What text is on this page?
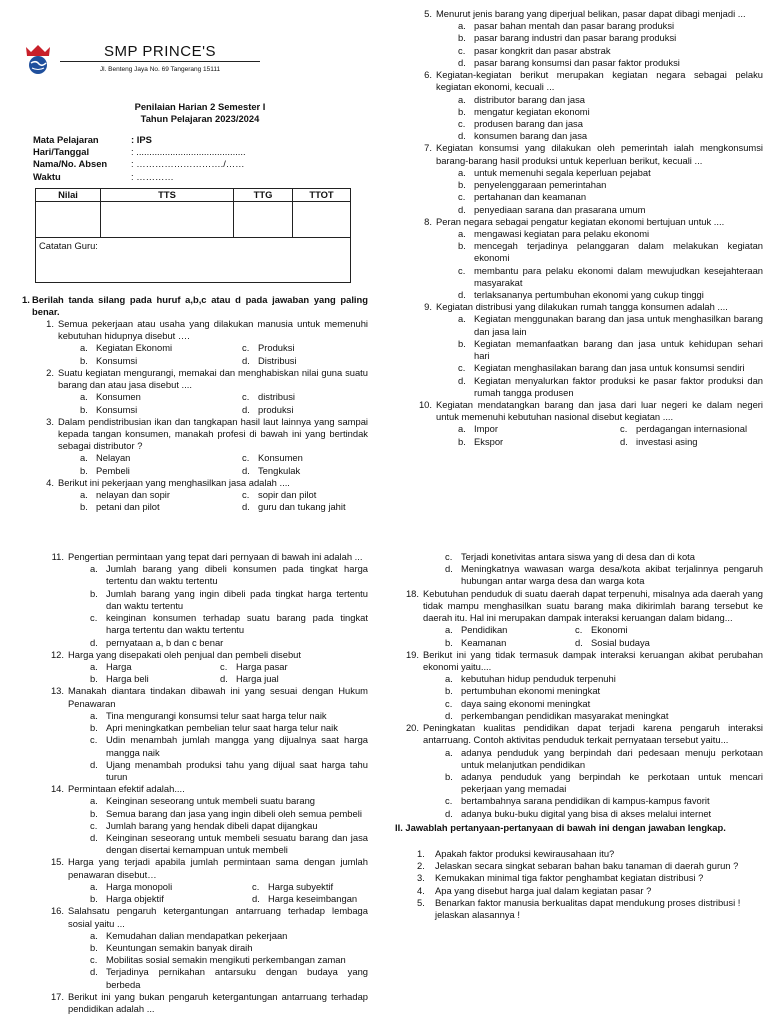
SMP PRINCE'S
Jl. Benteng Jaya No. 69 Tangerang 15111
Penilaian Harian 2 Semester I
Tahun Pelajaran 2023/2024
Mata Pelajaran	: IPS
Hari/Tanggal	: ..........................................
Nama/No. Absen	: ………………………./……
Waktu	: …………
Nilai	TTS	TTG	TTOT

Catatan Guru:			
1. Berilah tanda silang pada huruf a,b,c atau d pada jawaban yang paling benar.
1. Semua pekerjaan atau usaha yang dilakukan manusia untuk memenuhi kebutuhan hidupnya disebut ….
a. Kegiatan Ekonomi	c. Produksi
b. Konsumsi	d. Distribusi
2. Suatu kegiatan mengurangi, memakai dan menghabiskan nilai guna suatu barang dan atau jasa disebut ....
a. Konsumen	c. distribusi
b. Konsumsi	d. produksi
3. Dalam pendistribusian ikan dan tangkapan hasil laut lainnya yang sampai kepada tangan konsumen, manakah profesi di bawah ini yang bertindak sebagai distributor ?
a. Nelayan	c. Konsumen
b. Pembeli	d. Tengkulak
4. Berikut ini pekerjaan yang menghasilkan jasa adalah ....
a. nelayan dan sopir	c. sopir dan pilot
b. petani dan pilot	d. guru dan tukang jahit
5. Menurut jenis barang yang diperjual belikan, pasar dapat dibagi menjadi ...
a. pasar bahan mentah dan pasar barang produksi
b. pasar barang industri dan pasar barang produksi
c. pasar kongkrit dan pasar abstrak
d. pasar barang konsumsi dan pasar faktor produksi
6. Kegiatan-kegiatan berikut merupakan kegiatan negara sebagai pelaku kegiatan ekonomi, kecuali ...
a. distributor barang dan jasa
b. mengatur kegiatan ekonomi
c. produsen barang dan jasa
d. konsumen barang dan jasa
7. Kegiatan konsumsi yang dilakukan oleh pemerintah ialah mengkonsumsi barang-barang hasil produksi untuk keperluan berikut, kecuali ...
a. untuk memenuhi segala keperluan pejabat
b. penyelenggaraan pemerintahan
c. pertahanan dan keamanan
d. penyediaan sarana dan prasarana umum
8. Peran negara sebagai pengatur kegiatan ekonomi bertujuan untuk ....
a. mengawasi kegiatan para pelaku ekonomi
b. mencegah terjadinya pelanggaran dalam melakukan kegiatan ekonomi
c. membantu para pelaku ekonomi dalam mewujudkan kesejahteraan masyarakat
d. terlaksananya pertumbuhan ekonomi yang cukup tinggi
9. Kegiatan distribusi yang dilakukan rumah tangga konsumen adalah ....
a. Kegiatan menggunakan barang dan jasa untuk menghasilkan barang dan jasa lain
b. Kegiatan memanfaatkan barang dan jasa untuk kehidupan sehari hari
c. Kegiatan menghasilakan barang dan jasa untuk konsumsi sendiri
d. Kegiatan menyalurkan faktor produksi ke pasar faktor produksi dan rumah tangga produsen
10. Kegiatan mendatangkan barang dan jasa dari luar negeri ke dalam negeri untuk memenuhi kebutuhan nasional disebut kegiatan ....
a. Impor	c. perdagangan internasional
b. Ekspor	d. investasi asing
11. Pengertian permintaan yang tepat dari pernyaan di bawah ini adalah ...
a. Jumlah barang yang dibeli konsumen pada tingkat harga tertentu dan waktu tertentu
b. Jumlah barang yang ingin dibeli pada tingkat harga tertentu dan waktu tertentu
c. keinginan konsumen terhadap suatu barang pada tingkat harga tertentu dan waktu tertentu
d. pernyataan a, b dan c benar
12. Harga yang disepakati oleh penjual dan pembeli disebut
a. Harga	c. Harga pasar
b. Harga beli	d. Harga jual
13. Manakah diantara tindakan dibawah ini yang sesuai dengan Hukum Penawaran
a. Tina mengurangi konsumsi telur saat harga telur naik
b. Apri meningkatkan pembelian telur saat harga telur naik
c. Udin menambah jumlah mangga yang dijualnya saat harga mangga naik
d. Ujang menambah produksi tahu yang dijual saat harga tahu turun
14. Permintaan efektif adalah....
a. Keinginan seseorang untuk membeli suatu barang
b. Semua barang dan jasa yang ingin dibeli oleh semua pembeli
c. Jumlah barang yang hendak dibeli dapat dijangkau
d. Keinginan seseorang untuk membeli sesuatu barang dan jasa dengan disertai kemampuan untuk membeli
15. Harga yang terjadi apabila jumlah permintaan sama dengan jumlah penawaran disebut…
a. Harga monopoli	c. Harga subyektif
b. Harga objektif	d. Harga keseimbangan
16. Salahsatu pengaruh ketergantungan antarruang terhadap lembaga sosial yaitu ...
a. Kemudahan dalian mendapatkan pekerjaan
b. Keuntungan semakin banyak diraih
c. Mobilitas sosial semakin mengikuti perkembangan zaman
d. Terjadinya pernikahan antarsuku dengan budaya yang berbeda
17. Berikut ini yang bukan pengaruh ketergantungan antarruang terhadap pendidikan adalah ...
c. Terjadi konetivitas antara siswa yang di desa dan di kota
d. Meningkatnya wawasan warga desa/kota akibat terjalinnya pengaruh hubungan antar warga desa dan warga kota
18. Kebutuhan penduduk di suatu daerah dapat terpenuhi, misalnya ada daerah yang tidak mampu menghasilkan suatu barang maka dikirimlah barang tersebut ke daerah itu. Hal ini merupakan dampak interaksi keruangan dalam bidang...
a. Pendidikan	c. Ekonomi
b. Keamanan	d. Sosial budaya
19. Berikut ini yang tidak termasuk dampak interaksi keruangan akibat perubahan ekonomi yaitu....
a. kebutuhan hidup penduduk terpenuhi
b. pertumbuhan ekonomi meningkat
c. daya saing ekonomi meningkat
d. perkembangan pendidikan masyarakat meningkat
20. Peningkatan kualitas pendidikan dapat terjadi karena pengaruh interaksi antarruang. Contoh aktivitas penduduk terkait pernyataan tersebut yaitu...
a. adanya penduduk yang berpindah dari pedesaan menuju perkotaan untuk melanjutkan pendidikan
b. adanya penduduk yang berpindah ke perkotaan untuk mencari pekerjaan yang memadai
c. bertambahnya sarana pendidikan di kampus-kampus favorit
d. adanya buku-buku digital yang bisa di akses melalui internet
II. Jawablah pertanyaan-pertanyaan di bawah ini dengan jawaban lengkap.
1. Apakah faktor produksi kewirausahaan itu?
2. Jelaskan secara singkat sebaran bahan baku tanaman di daerah gurun ?
3. Kemukakan minimal tiga faktor penghambat kegiatan distribusi ?
4. Apa yang disebut harga jual dalam kegiatan pasar ?
5. Benarkan faktor manusia berkualitas dapat mendukung proses distribusi ! jelaskan alasannya !
